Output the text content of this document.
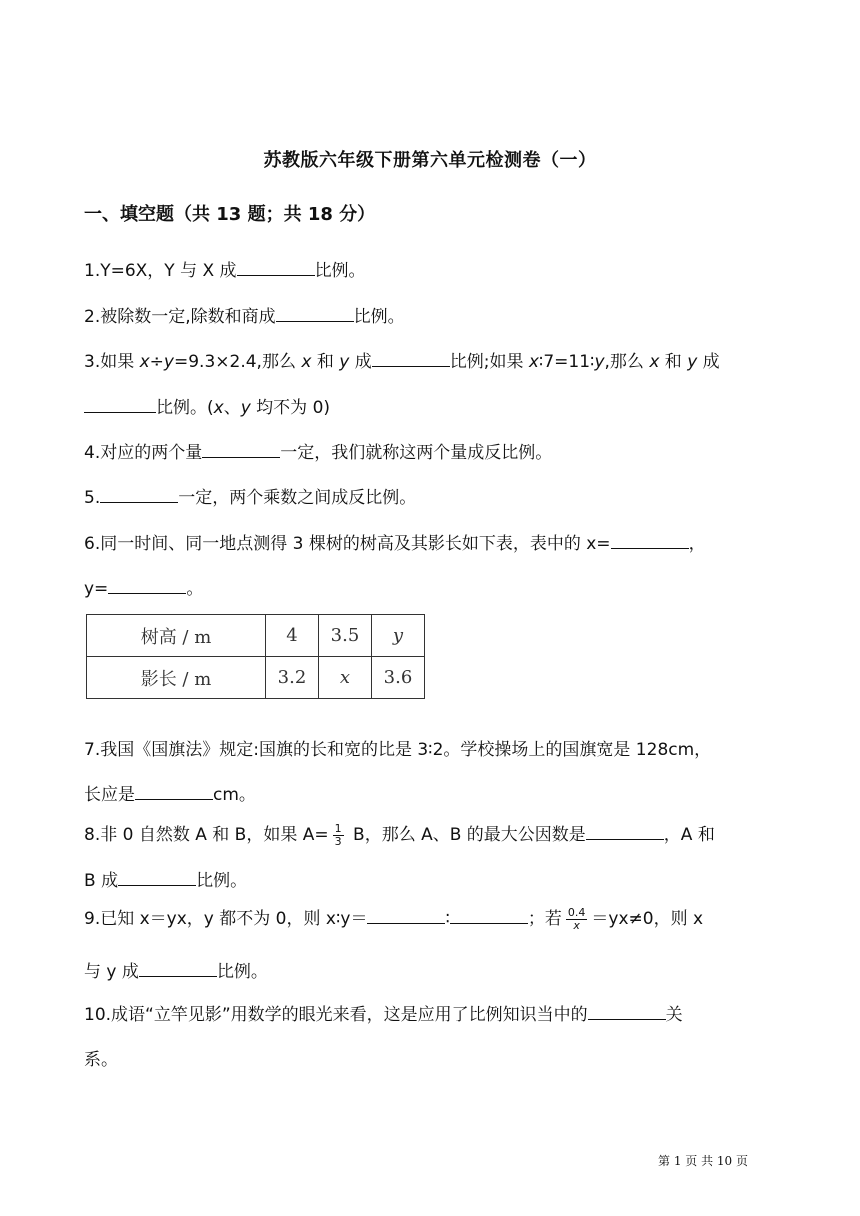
苏教版六年级下册第六单元检测卷（一）
一、填空题（共 13 题；共 18 分）
1.Y=6X，Y 与 X 成	比例。
2.被除数一定,除数和商成	比例。
3.如果 x÷y=9.3×2.4,那么 x 和 y 成	比例;如果 x∶7=11∶y,那么 x 和 y 成
比例。(x、y 均不为 0)
4.对应的两个量	一定，我们就称这两个量成反比例。
5.	一定，两个乘数之间成反比例。
6.同一时间、同一地点测得 3 棵树的树高及其影长如下表，表中的 x=	，
y=	。
树高 / m	4	3.5	y
影长 / m	3.2	x	3.6
7.我国《国旗法》规定:国旗的长和宽的比是 3∶2。学校操场上的国旗宽是 128cm，
长应是	cm。
8.非 0 自然数 A 和 B，如果 $A= \frac{1}{3}$ B，那么 A、B 的最大公因数是	，A 和
B 成	比例。
9.已知 x＝yx，y 都不为 0，则 x∶y＝	∶	；若 $\frac{0.4}{x} =yx\ne 0$，则 x
与 y 成	比例。
10.成语“立竿见影”用数学的眼光来看，这是应用了比例知识当中的	关
系。
第 1 页 共 10 页
